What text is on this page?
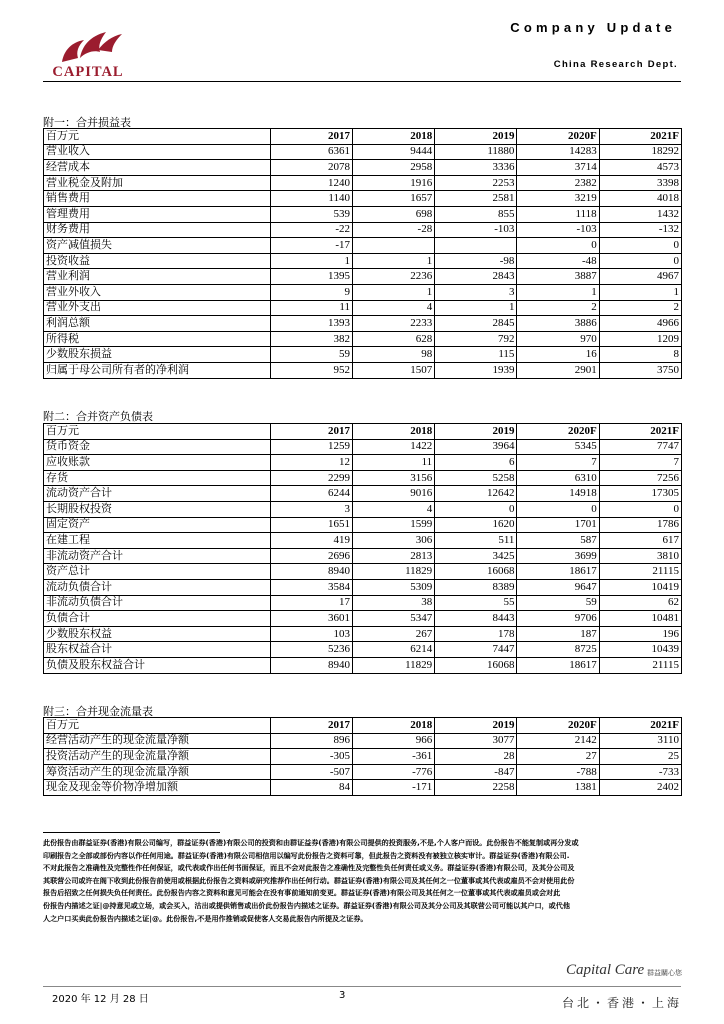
CAPITAL
Company Update
China Research Dept.
附一：合并损益表
百万元	2017	2018	2019	2020F	2021F
营业收入	6361	9444	11880	14283	18292
经营成本	2078	2958	3336	3714	4573
营业税金及附加	1240	1916	2253	2382	3398
销售费用	1140	1657	2581	3219	4018
管理费用	539	698	855	1118	1432
财务费用	-22	-28	-103	-103	-132
资产减值损失	-17			0	0
投资收益	1	1	-98	-48	0
营业利润	1395	2236	2843	3887	4967
营业外收入	9	1	3	1	1
营业外支出	11	4	1	2	2
利润总额	1393	2233	2845	3886	4966
所得税	382	628	792	970	1209
少数股东损益	59	98	115	16	8
归属于母公司所有者的净利润	952	1507	1939	2901	3750
附二：合并资产负债表
百万元	2017	2018	2019	2020F	2021F
货币资金	1259	1422	3964	5345	7747
应收账款	12	11	6	7	7
存货	2299	3156	5258	6310	7256
流动资产合计	6244	9016	12642	14918	17305
长期股权投资	3	4	0	0	0
固定资产	1651	1599	1620	1701	1786
在建工程	419	306	511	587	617
非流动资产合计	2696	2813	3425	3699	3810
资产总计	8940	11829	16068	18617	21115
流动负债合计	3584	5309	8389	9647	10419
非流动负债合计	17	38	55	59	62
负债合计	3601	5347	8443	9706	10481
少数股东权益	103	267	178	187	196
股东权益合计	5236	6214	7447	8725	10439
负债及股东权益合计	8940	11829	16068	18617	21115
附三：合并现金流量表
百万元	2017	2018	2019	2020F	2021F
经营活动产生的现金流量净额	896	966	3077	2142	3110
投资活动产生的现金流量净额	-305	-361	28	27	25
筹资活动产生的现金流量净额	-507	-776	-847	-788	-733
现金及现金等价物净增加额	84	-171	2258	1381	2402
此份报告由群益证券(香港)有限公司编写，群益证券(香港)有限公司的投资和由群证益券(香港)有限公司提供的投资服务,不是,个人客户而设。此份报告不能复制或再分发或
印刷报告之全部或部份内容以作任何用途。群益证券(香港)有限公司相信用以编写此份报告之资料可靠，但此报告之资料没有被独立核实审计。群益证券(香港)有限公司.
不对此报告之准确性及完整性作任何保证，或代表或作出任何书面保证，而且不会对此报告之准确性及完整性负任何责任或义务。群益证券(香港)有限公司，及其分公司及
其联营公司或许在阁下收到此份报告前使用或根据此份报告之资料或研究推荐作出任何行动。群益证券(香港)有限公司及其任何之一位董事或其代表或雇员不会对使用此份
报告后招致之任何损失负任何责任。此份报告内容之资料和意见可能会在没有事前通知前变更。群益证券(香港)有限公司及其任何之一位董事或其代表或雇员或会对此
份报告内描述之证|@持意见或立场，或会买入，沽出或提供销售或出价此份报告内描述之证券。群益证券(香港)有限公司及其分公司及其联营公司可能以其户口，或代他
人之户口买卖此份报告内描述之证|@。此份报告,不是用作推销或促使客人交易此报告内所提及之证券。
Capital Care 群益關心您
2020 年 12 月 28 日	3
台北・香港・上海
